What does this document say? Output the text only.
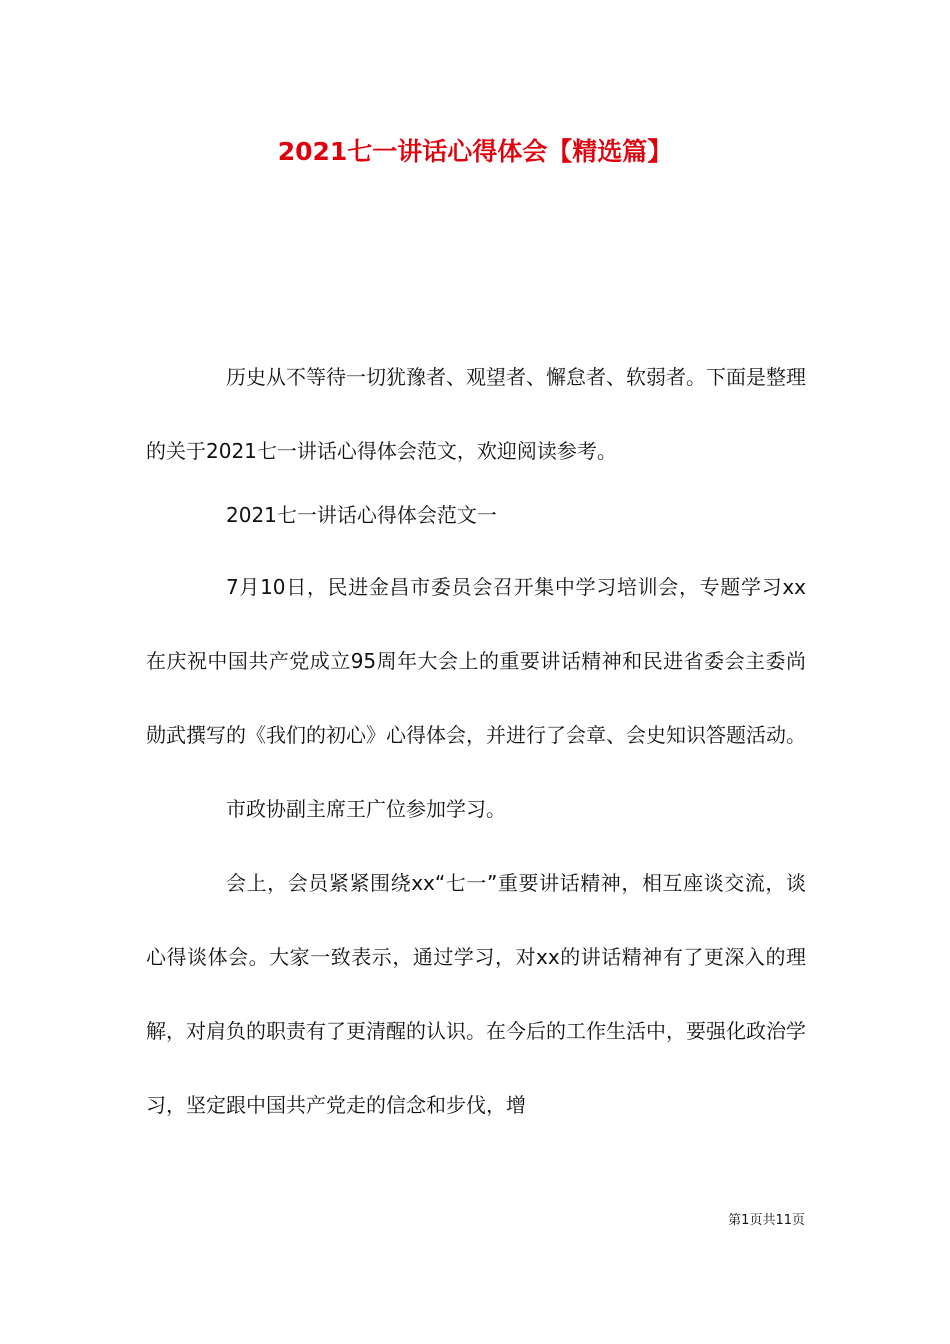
2021七一讲话心得体会【精选篇】

历史从不等待一切犹豫者、观望者、懈怠者、软弱者。下面是整理的关于2021七一讲话心得体会范文，欢迎阅读参考。

2021七一讲话心得体会范文一

7月10日，民进金昌市委员会召开集中学习培训会，专题学习xx在庆祝中国共产党成立95周年大会上的重要讲话精神和民进省委会主委尚勋武撰写的《我们的初心》心得体会，并进行了会章、会史知识答题活动。

市政协副主席王广位参加学习。

会上，会员紧紧围绕xx“七一”重要讲话精神，相互座谈交流，谈心得谈体会。大家一致表示，通过学习，对xx的讲话精神有了更深入的理解，对肩负的职责有了更清醒的认识。在今后的工作生活中，要强化政治学习，坚定跟中国共产党走的信念和步伐，增

第1页共11页
